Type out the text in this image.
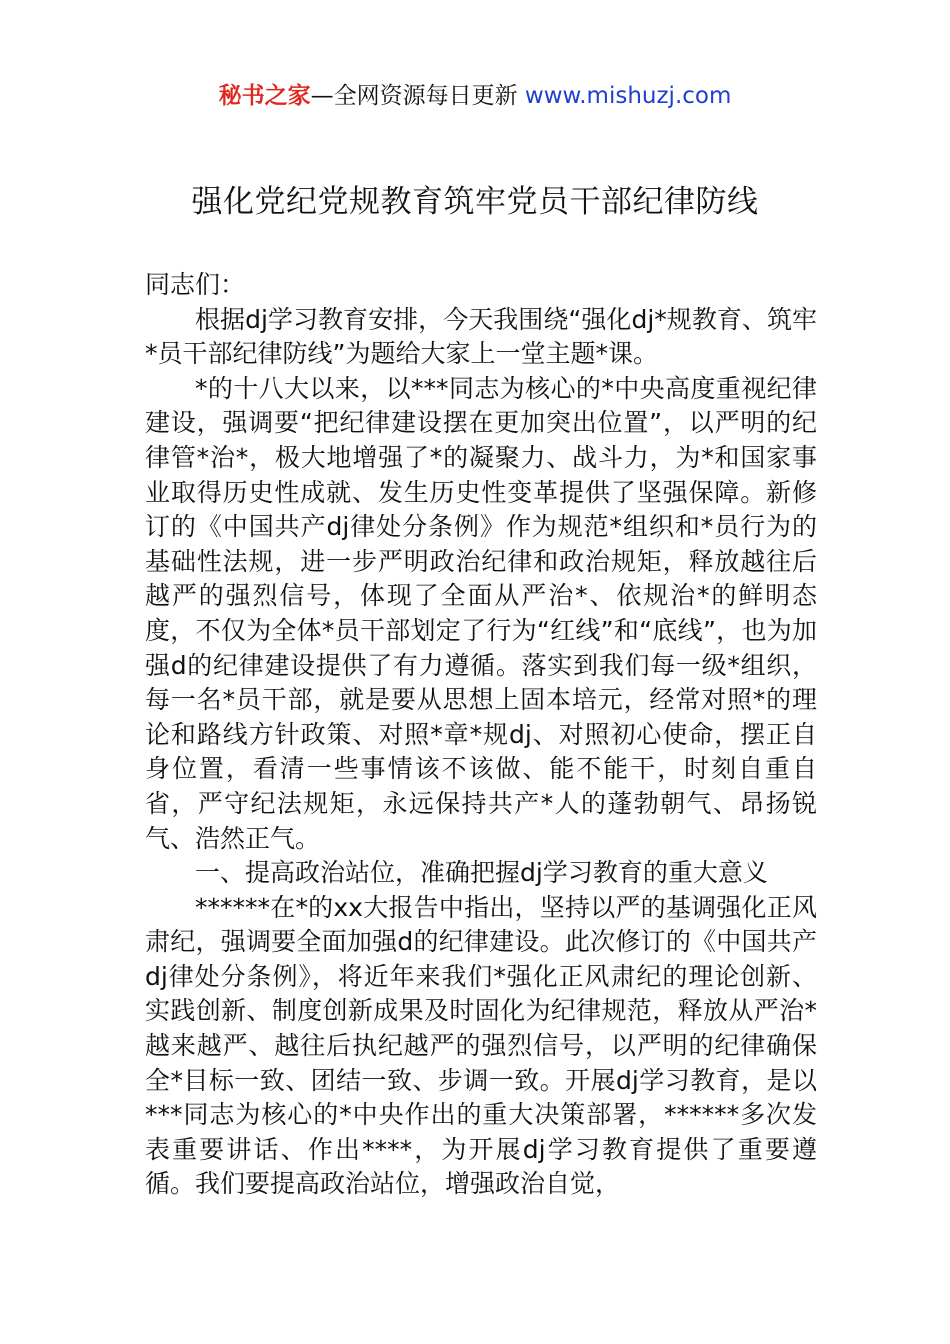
秘书之家—全网资源每日更新 www.mishuzj.com
强化党纪党规教育筑牢党员干部纪律防线

同志们：

根据dj学习教育安排，今天我围绕“强化dj*规教育、筑牢*员干部纪律防线”为题给大家上一堂主题*课。

*的十八大以来，以***同志为核心的*中央高度重视纪律建设，强调要“把纪律建设摆在更加突出位置”，以严明的纪律管*治*，极大地增强了*的凝聚力、战斗力，为*和国家事业取得历史性成就、发生历史性变革提供了坚强保障。新修订的《中国共产dj律处分条例》作为规范*组织和*员行为的基础性法规，进一步严明政治纪律和政治规矩，释放越往后越严的强烈信号，体现了全面从严治*、依规治*的鲜明态度，不仅为全体*员干部划定了行为“红线”和“底线”，也为加强d的纪律建设提供了有力遵循。落实到我们每一级*组织，每一名*员干部，就是要从思想上固本培元，经常对照*的理论和路线方针政策、对照*章*规dj、对照初心使命，摆正自身位置，看清一些事情该不该做、能不能干，时刻自重自省，严守纪法规矩，永远保持共产*人的蓬勃朝气、昂扬锐气、浩然正气。

一、提高政治站位，准确把握dj学习教育的重大意义

******在*的xx大报告中指出，坚持以严的基调强化正风肃纪，强调要全面加强d的纪律建设。此次修订的《中国共产dj律处分条例》，将近年来我们*强化正风肃纪的理论创新、实践创新、制度创新成果及时固化为纪律规范，释放从严治*越来越严、越往后执纪越严的强烈信号，以严明的纪律确保全*目标一致、团结一致、步调一致。开展dj学习教育，是以***同志为核心的*中央作出的重大决策部署，******多次发表重要讲话、作出****，为开展dj学习教育提供了重要遵循。我们要提高政治站位，增强政治自觉，
